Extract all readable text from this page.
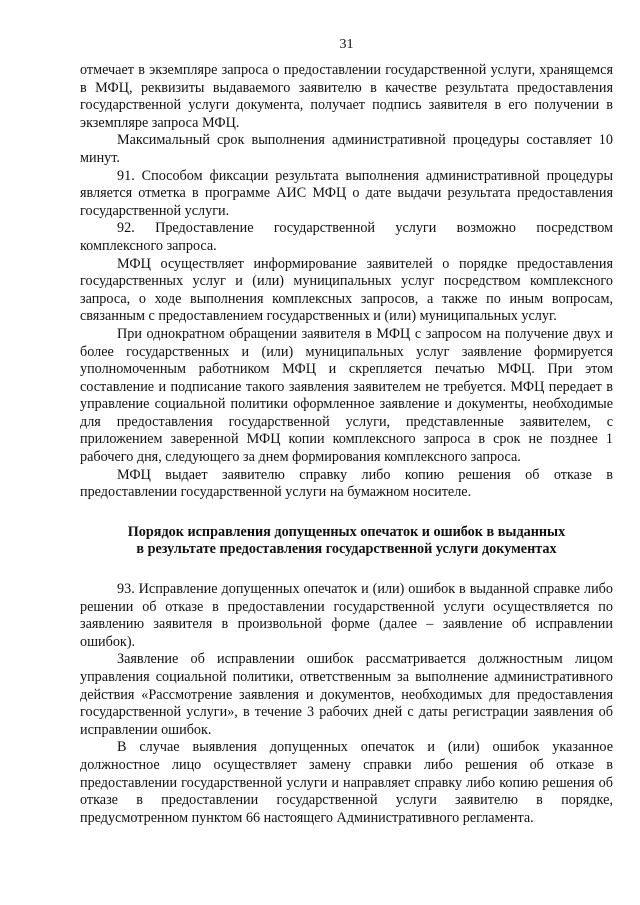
31

отмечает в экземпляре запроса о предоставлении государственной услуги, хранящемся в МФЦ, реквизиты выдаваемого заявителю в качестве результата предоставления государственной услуги документа, получает подпись заявителя в его получении в экземпляре запроса МФЦ.

Максимальный срок выполнения административной процедуры составляет 10 минут.

91. Способом фиксации результата выполнения административной процедуры является отметка в программе АИС МФЦ о дате выдачи результата предоставления государственной услуги.

92. Предоставление государственной услуги возможно посредством комплексного запроса.

МФЦ осуществляет информирование заявителей о порядке предоставления государственных услуг и (или) муниципальных услуг посредством комплексного запроса, о ходе выполнения комплексных запросов, а также по иным вопросам, связанным с предоставлением государственных и (или) муниципальных услуг.

При однократном обращении заявителя в МФЦ с запросом на получение двух и более государственных и (или) муниципальных услуг заявление формируется уполномоченным работником МФЦ и скрепляется печатью МФЦ. При этом составление и подписание такого заявления заявителем не требуется. МФЦ передает в управление социальной политики оформленное заявление и документы, необходимые для предоставления государственной услуги, представленные заявителем, с приложением заверенной МФЦ копии комплексного запроса в срок не позднее 1 рабочего дня, следующего за днем формирования комплексного запроса.

МФЦ выдает заявителю справку либо копию решения об отказе в предоставлении государственной услуги на бумажном носителе.

Порядок исправления допущенных опечаток и ошибок в выданных
в результате предоставления государственной услуги документах

93. Исправление допущенных опечаток и (или) ошибок в выданной справке либо решении об отказе в предоставлении государственной услуги осуществляется по заявлению заявителя в произвольной форме (далее – заявление об исправлении ошибок).

Заявление об исправлении ошибок рассматривается должностным лицом управления социальной политики, ответственным за выполнение административного действия «Рассмотрение заявления и документов, необходимых для предоставления государственной услуги», в течение 3 рабочих дней с даты регистрации заявления об исправлении ошибок.

В случае выявления допущенных опечаток и (или) ошибок указанное должностное лицо осуществляет замену справки либо решения об отказе в предоставлении государственной услуги и направляет справку либо копию решения об отказе в предоставлении государственной услуги заявителю в порядке, предусмотренном пунктом 66 настоящего Административного регламента.
